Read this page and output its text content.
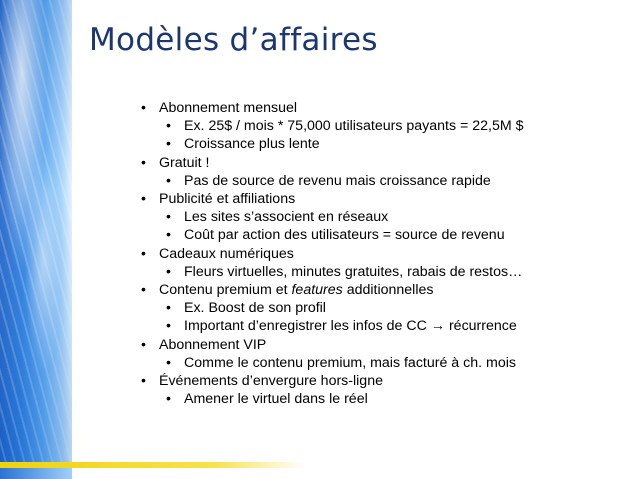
Modèles d’affaires
• Abonnement mensuel
• Ex. 25$ / mois * 75,000 utilisateurs payants = 22,5M $
• Croissance plus lente
• Gratuit !
• Pas de source de revenu mais croissance rapide
• Publicité et affiliations
• Les sites s’associent en réseaux
• Coût par action des utilisateurs = source de revenu
• Cadeaux numériques
• Fleurs virtuelles, minutes gratuites, rabais de restos…
• Contenu premium et features additionnelles
• Ex. Boost de son profil
• Important d’enregistrer les infos de CC → récurrence
• Abonnement VIP
• Comme le contenu premium, mais facturé à ch. mois
• Événements d’envergure hors-ligne
• Amener le virtuel dans le réel
